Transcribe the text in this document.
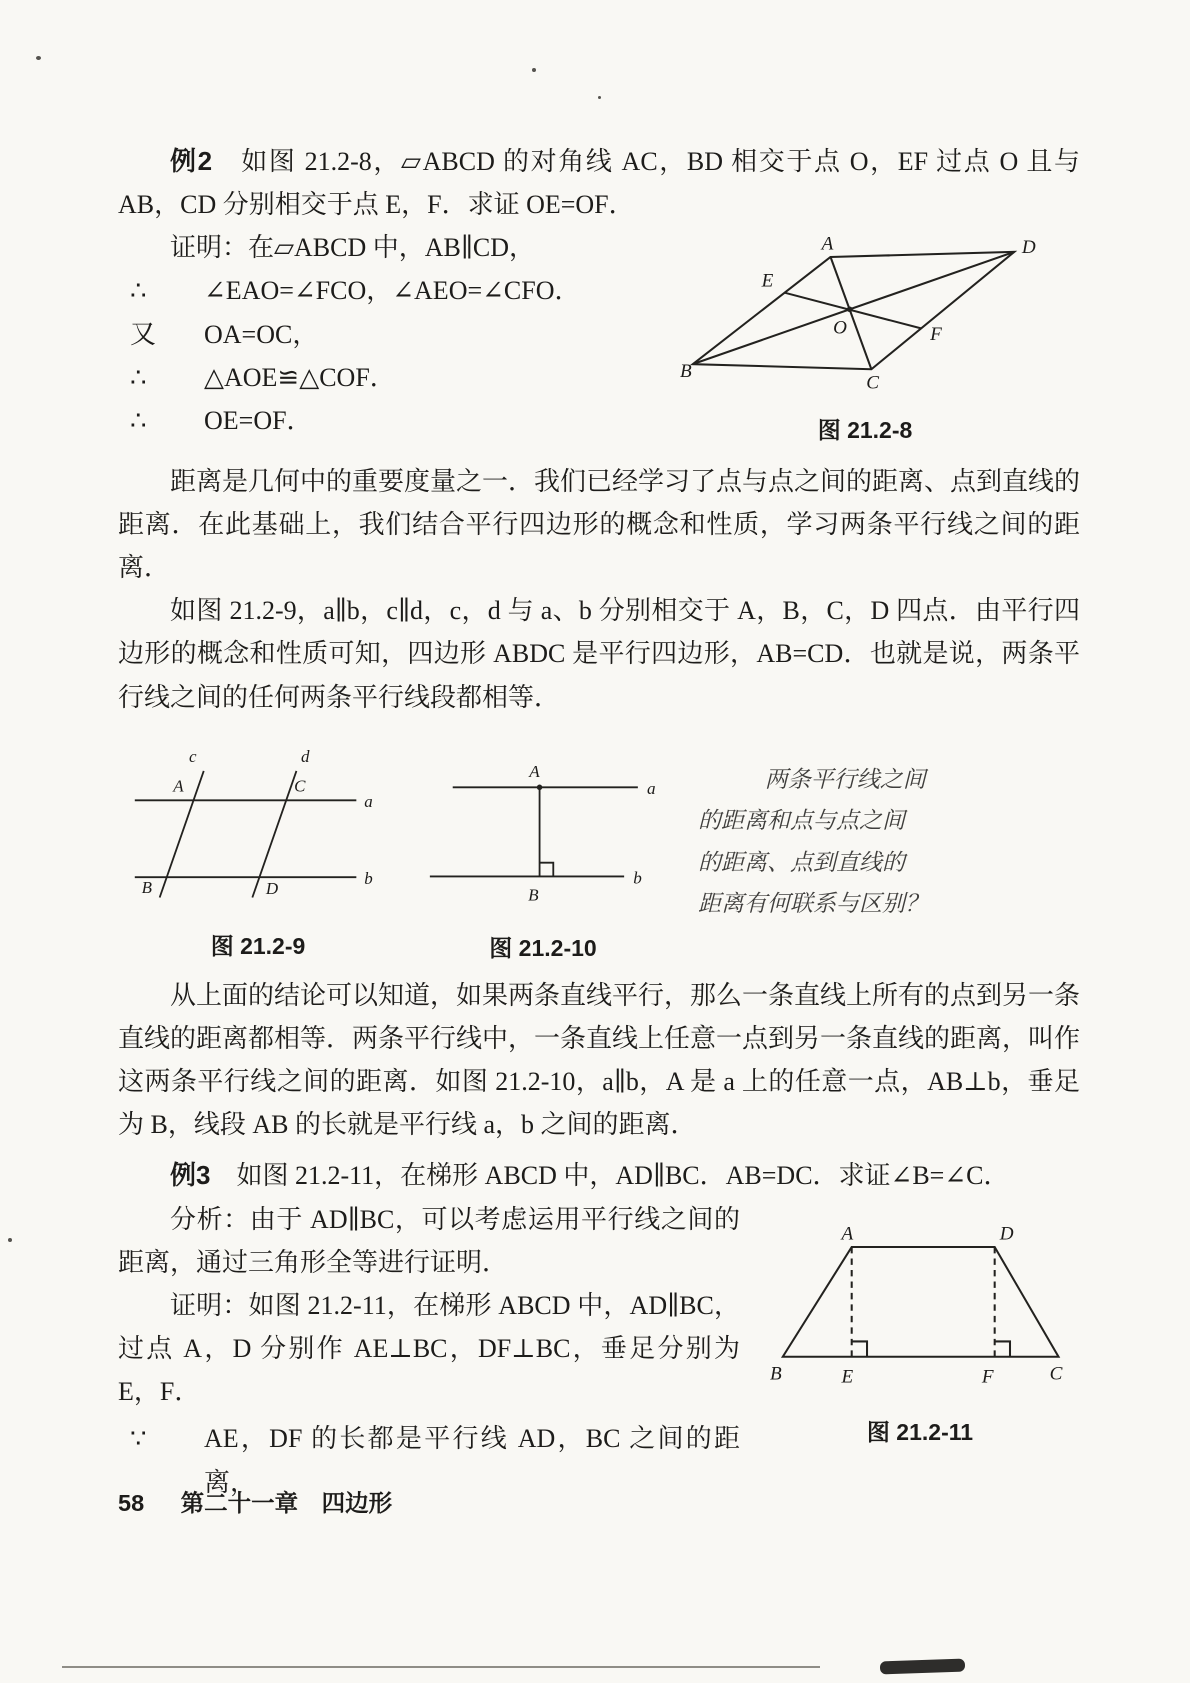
例2　如图 21.2-8，▱ABCD 的对角线 AC，BD 相交于点 O，EF 过点 O 且与 AB，CD 分别相交于点 E，F．求证 OE=OF．

证明：在▱ABCD 中，AB∥CD，

∴	∠EAO=∠FCO，∠AEO=∠CFO．
又	OA=OC，
∴	△AOE≌△COF．
∴	OE=OF．
A	D
B
C
E
F
O
图 21.2-8

距离是几何中的重要度量之一．我们已经学习了点与点之间的距离、点到直线的距离．在此基础上，我们结合平行四边形的概念和性质，学习两条平行线之间的距离．

如图 21.2-9，a∥b，c∥d，c，d 与 a、b 分别相交于 A，B，C，D 四点．由平行四边形的概念和性质可知，四边形 ABDC 是平行四边形，AB=CD．也就是说，两条平行线之间的任何两条平行线段都相等．

c	d
a
b
A	C
B	D
图 21.2-9
A
B
a
b
图 21.2-10
两条平行线之间
的距离和点与点之间
的距离、点到直线的
距离有何联系与区别？

从上面的结论可以知道，如果两条直线平行，那么一条直线上所有的点到另一条直线的距离都相等．两条平行线中，一条直线上任意一点到另一条直线的距离，叫作这两条平行线之间的距离．如图 21.2-10，a∥b，A 是 a 上的任意一点，AB⊥b，垂足为 B，线段 AB 的长就是平行线 a，b 之间的距离．

例3　如图 21.2-11，在梯形 ABCD 中，AD∥BC．AB=DC．求证∠B=∠C．

A	D
B	E	F	C
图 21.2-11

分析：由于 AD∥BC，可以考虑运用平行线之间的距离，通过三角形全等进行证明．

证明：如图 21.2-11，在梯形 ABCD 中，AD∥BC，过点 A，D 分别作 AE⊥BC，DF⊥BC，垂足分别为 E，F．

∵	AE，DF 的长都是平行线 AD，BC 之间的距离，
58 第二十一章　四边形
